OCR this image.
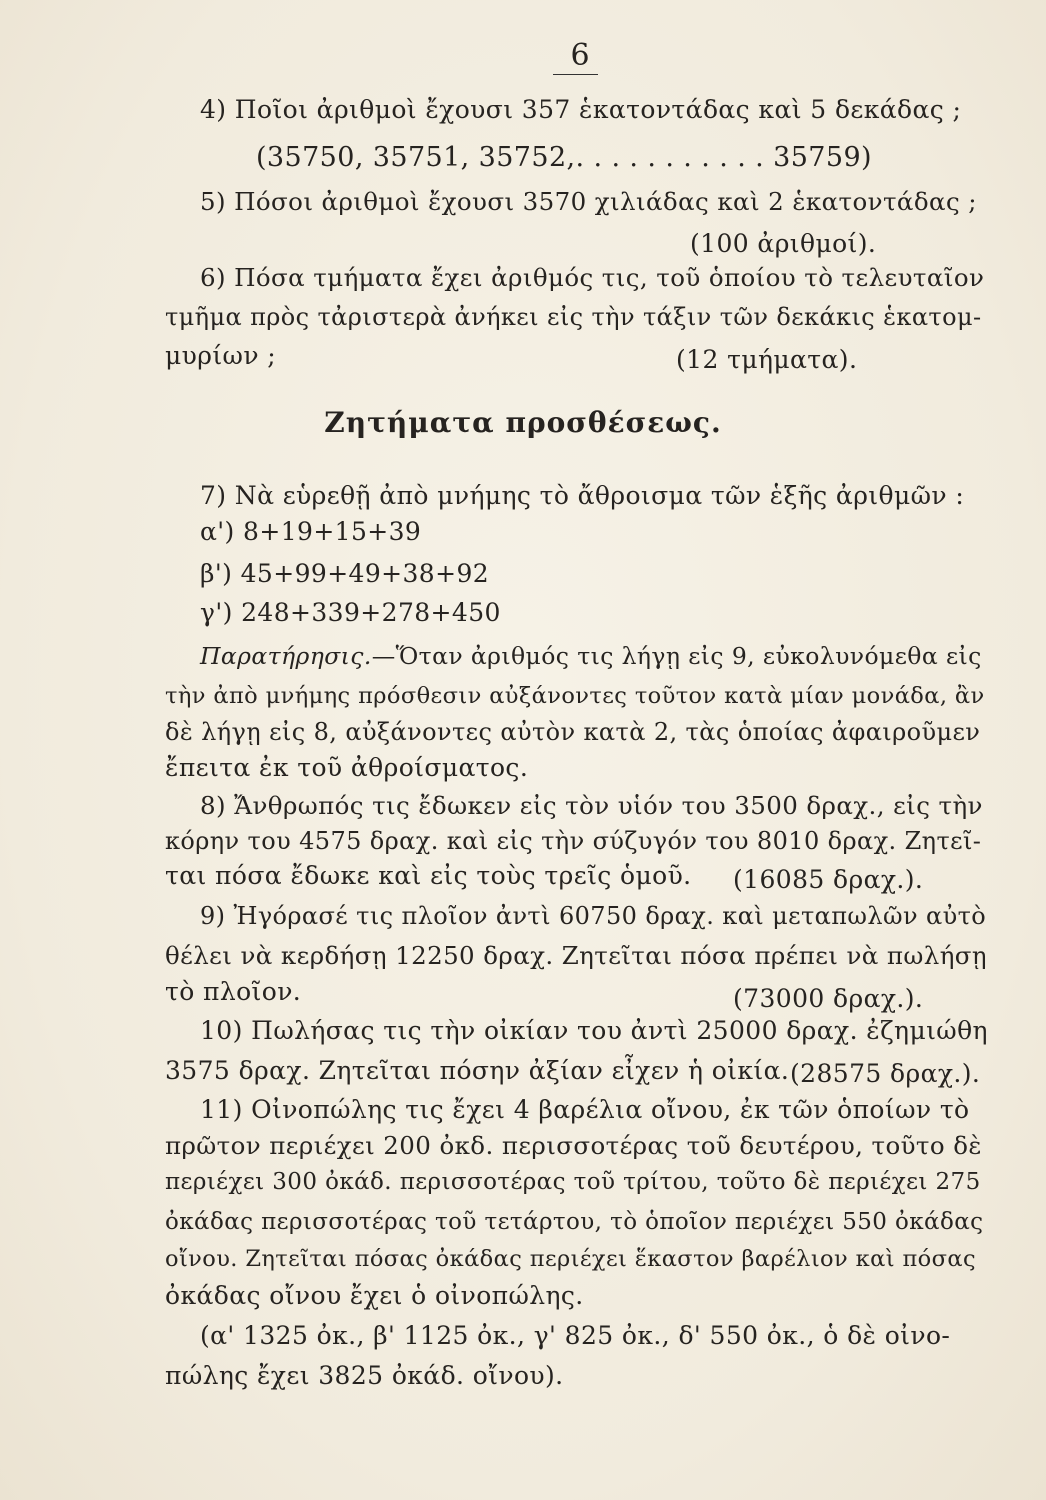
6
4) Ποῖοι ἀριθμοὶ ἔχουσι 357 ἑκατοντάδας καὶ 5 δεκάδας ;
(35750, 35751, 35752,. . . . . . . . . . . 35759)
5) Πόσοι ἀριθμοὶ ἔχουσι 3570 χιλιάδας καὶ 2 ἑκατοντάδας ;
(100 ἀριθμοί).
6) Πόσα τμήματα ἔχει ἀριθμός τις, τοῦ ὁποίου τὸ τελευταῖον
τμῆμα πρὸς τἀριστερὰ ἀνήκει εἰς τὴν τάξιν τῶν δεκάκις ἑκατομ-
μυρίων ;	(12 τμήματα).
Ζητήματα προσθέσεως.
7) Νὰ εὑρεθῇ ἀπὸ μνήμης τὸ ἄθροισμα τῶν ἑξῆς ἀριθμῶν :
α') 8+19+15+39
β') 45+99+49+38+92
γ') 248+339+278+450
Παρατήρησις.—Ὅταν ἀριθμός τις λήγῃ εἰς 9, εὐκολυνόμεθα εἰς
τὴν ἀπὸ μνήμης πρόσθεσιν αὐξάνοντες τοῦτον κατὰ μίαν μονάδα, ἂν
δὲ λήγῃ εἰς 8, αὐξάνοντες αὐτὸν κατὰ 2, τὰς ὁποίας ἀφαιροῦμεν
ἔπειτα ἐκ τοῦ ἀθροίσματος.
8) Ἄνθρωπός τις ἔδωκεν εἰς τὸν υἱόν του 3500 δραχ., εἰς τὴν
κόρην του 4575 δραχ. καὶ εἰς τὴν σύζυγόν του 8010 δραχ. Ζητεῖ-
ται πόσα ἔδωκε καὶ εἰς τοὺς τρεῖς ὁμοῦ. (16085 δραχ.).
9) Ἠγόρασέ τις πλοῖον ἀντὶ 60750 δραχ. καὶ μεταπωλῶν αὐτὸ
θέλει νὰ κερδήσῃ 12250 δραχ. Ζητεῖται πόσα πρέπει νὰ πωλήσῃ
τὸ πλοῖον.	(73000 δραχ.).
10) Πωλήσας τις τὴν οἰκίαν του ἀντὶ 25000 δραχ. ἐζημιώθη
3575 δραχ. Ζητεῖται πόσην ἀξίαν εἶχεν ἡ οἰκία. (28575 δραχ.).
11) Οἰνοπώλης τις ἔχει 4 βαρέλια οἴνου, ἐκ τῶν ὁποίων τὸ
πρῶτον περιέχει 200 ὀκδ. περισσοτέρας τοῦ δευτέρου, τοῦτο δὲ
περιέχει 300 ὀκάδ. περισσοτέρας τοῦ τρίτου, τοῦτο δὲ περιέχει 275
ὀκάδας περισσοτέρας τοῦ τετάρτου, τὸ ὁποῖον περιέχει 550 ὀκάδας
οἴνου. Ζητεῖται πόσας ὀκάδας περιέχει ἕκαστον βαρέλιον καὶ πόσας
ὀκάδας οἴνου ἔχει ὁ οἰνοπώλης.
(α' 1325 ὀκ., β' 1125 ὀκ., γ' 825 ὀκ., δ' 550 ὀκ., ὁ δὲ οἰνο-
πώλης ἔχει 3825 ὀκάδ. οἴνου).
